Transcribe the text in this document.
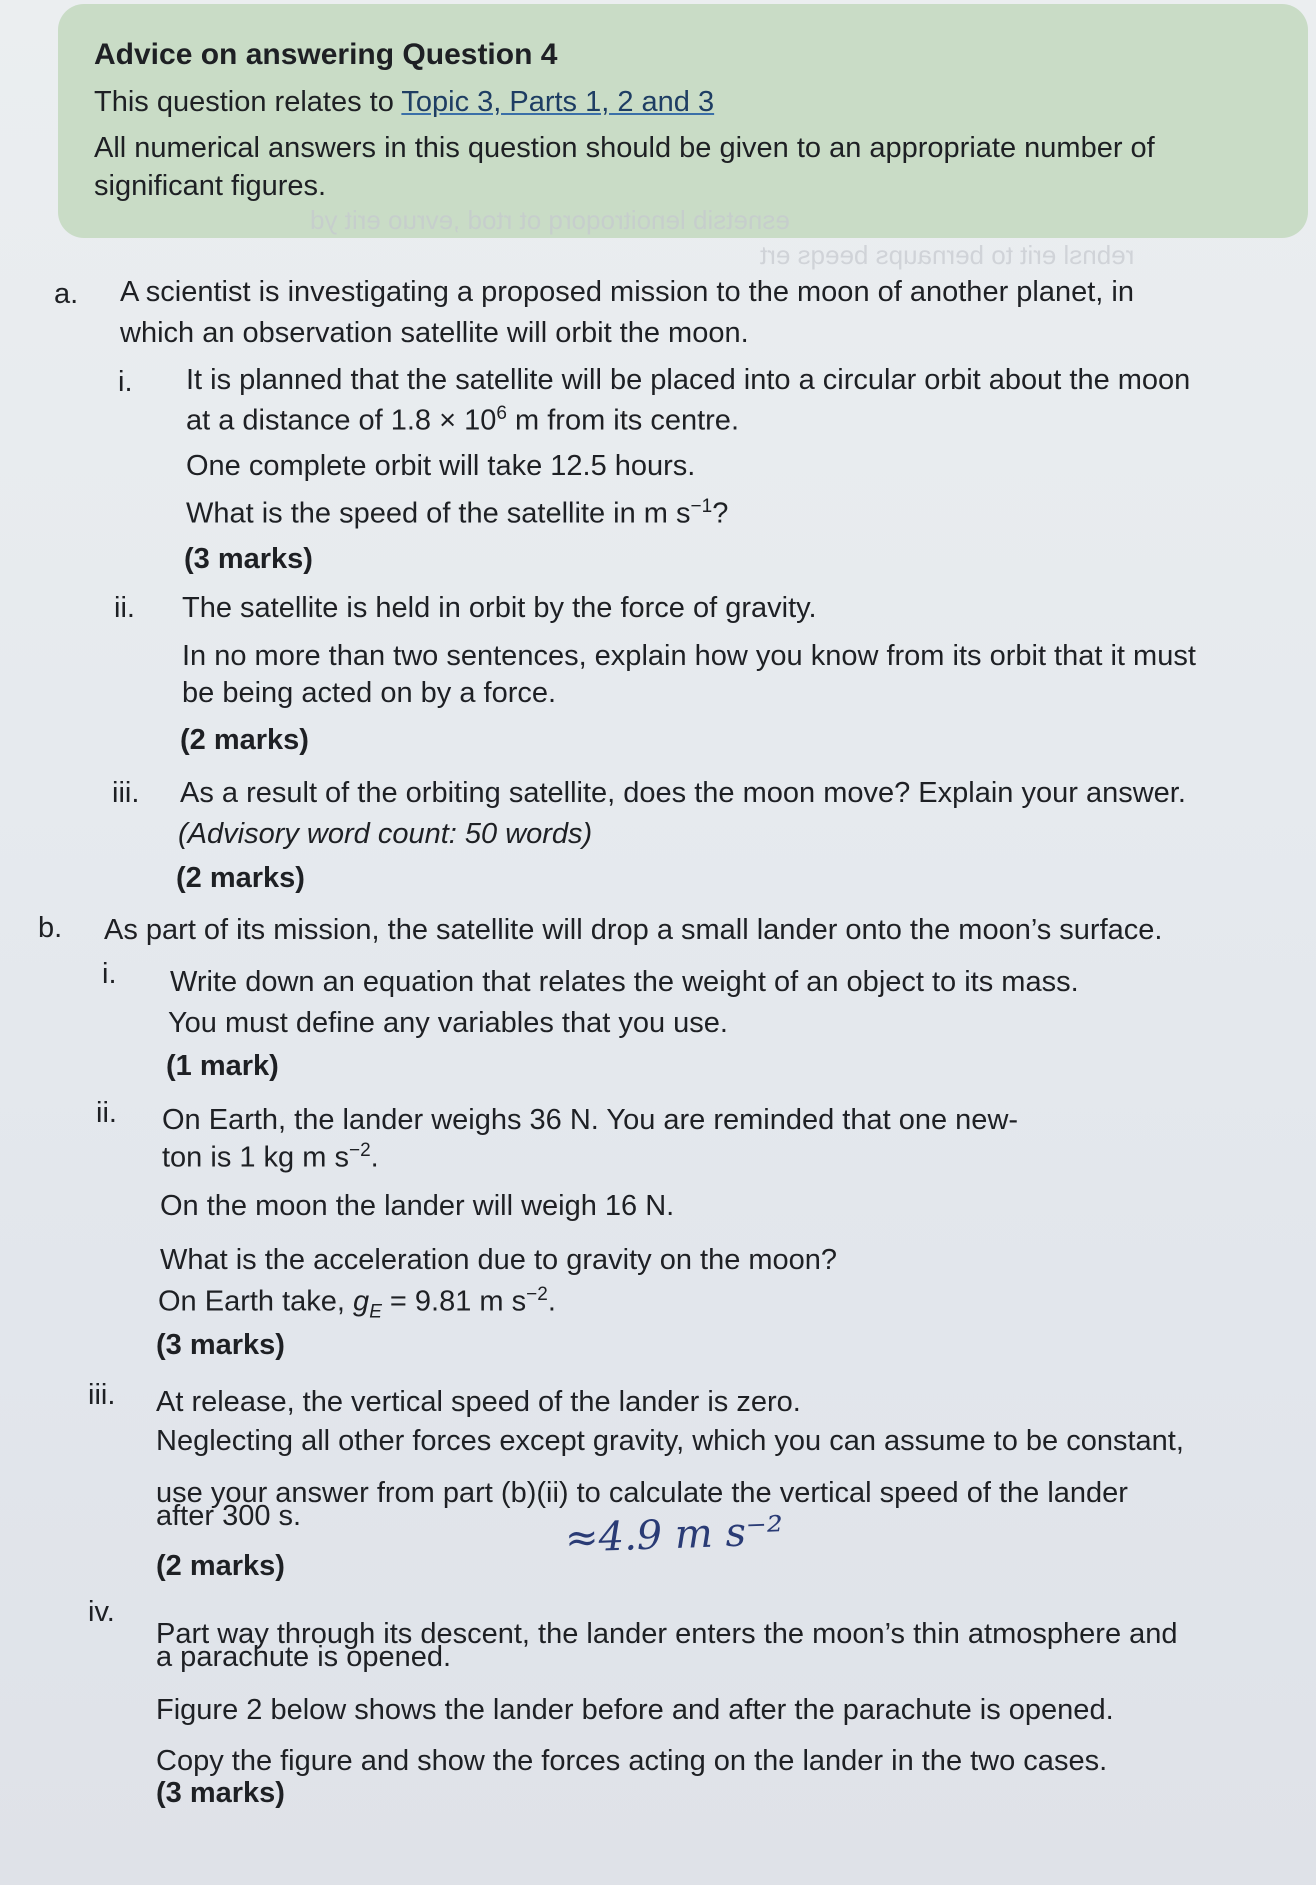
Advice on answering Question 4
This question relates to Topic 3, Parts 1, 2 and 3
All numerical answers in this question should be given to an appropriate number of
significant figures.
esnetsib lenoitroqorq ot rtod ,evruo erit yd
rebnsl erit to bernaups beeqs ert
a. A scientist is investigating a proposed mission to the moon of another planet, in
which an observation satellite will orbit the moon.
i. It is planned that the satellite will be placed into a circular orbit about the moon
at a distance of $1.8 \times 10^6$ m from its centre.
One complete orbit will take 12.5 hours.
What is the speed of the satellite in m $s^{-1}$?
(3 marks)
ii. The satellite is held in orbit by the force of gravity.
In no more than two sentences, explain how you know from its orbit that it must
be being acted on by a force.
(2 marks)
iii. As a result of the orbiting satellite, does the moon move? Explain your answer.
(Advisory word count: 50 words)
(2 marks)
b. As part of its mission, the satellite will drop a small lander onto the moon’s surface.
i. Write down an equation that relates the weight of an object to its mass.
You must define any variables that you use.
(1 mark)
ii. On Earth, the lander weighs 36 N. You are reminded that one new-
ton is 1 kg m $s^{-2}$.
On the moon the lander will weigh 16 N.
What is the acceleration due to gravity on the moon?
On Earth take, $g_E = 9.81$ m $s^{-2}$.
(3 marks)
iii. At release, the vertical speed of the lander is zero.
Neglecting all other forces except gravity, which you can assume to be constant,
use your answer from part (b)(ii) to calculate the vertical speed of the lander
after 300 s.	≈4.9 m s⁻²
(2 marks)
iv.
Part way through its descent, the lander enters the moon’s thin atmosphere and
a parachute is opened.
Figure 2 below shows the lander before and after the parachute is opened.
Copy the figure and show the forces acting on the lander in the two cases.
(3 marks)
